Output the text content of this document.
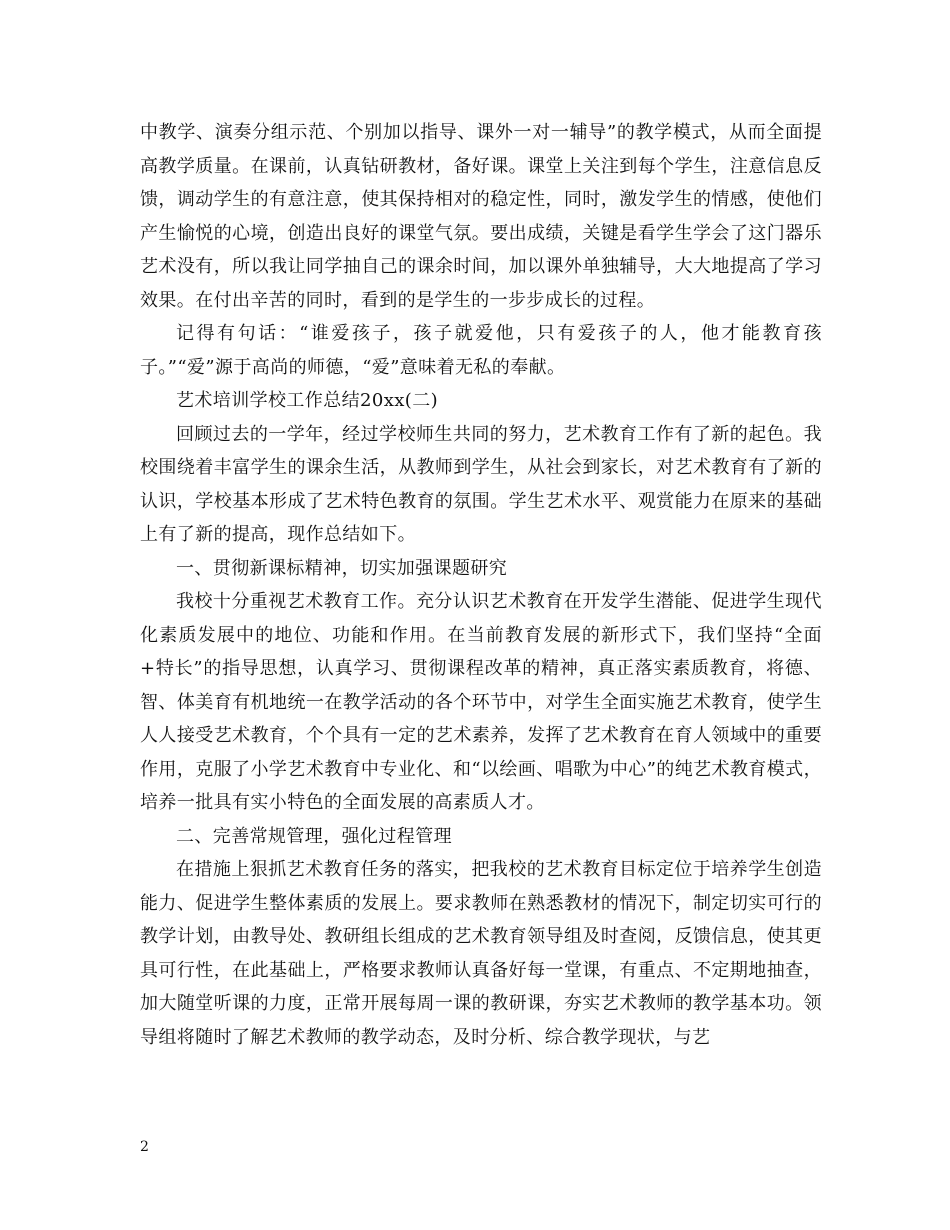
中教学、演奏分组示范、个别加以指导、课外一对一辅导”的教学模式，从而全面提高教学质量。在课前，认真钻研教材，备好课。课堂上关注到每个学生，注意信息反馈，调动学生的有意注意，使其保持相对的稳定性，同时，激发学生的情感，使他们产生愉悦的心境，创造出良好的课堂气氛。要出成绩，关键是看学生学会了这门器乐艺术没有，所以我让同学抽自己的课余时间，加以课外单独辅导，大大地提高了学习效果。在付出辛苦的同时，看到的是学生的一步步成长的过程。

记得有句话：“谁爱孩子，孩子就爱他，只有爱孩子的人，他才能教育孩子。”“爱”源于高尚的师德，“爱”意味着无私的奉献。

艺术培训学校工作总结20xx(二)

回顾过去的一学年，经过学校师生共同的努力，艺术教育工作有了新的起色。我校围绕着丰富学生的课余生活，从教师到学生，从社会到家长，对艺术教育有了新的认识，学校基本形成了艺术特色教育的氛围。学生艺术水平、观赏能力在原来的基础上有了新的提高，现作总结如下。

一、贯彻新课标精神，切实加强课题研究

我校十分重视艺术教育工作。充分认识艺术教育在开发学生潜能、促进学生现代化素质发展中的地位、功能和作用。在当前教育发展的新形式下，我们坚持“全面+特长”的指导思想，认真学习、贯彻课程改革的精神，真正落实素质教育，将德、智、体美育有机地统一在教学活动的各个环节中，对学生全面实施艺术教育，使学生人人接受艺术教育，个个具有一定的艺术素养，发挥了艺术教育在育人领域中的重要作用，克服了小学艺术教育中专业化、和“以绘画、唱歌为中心”的纯艺术教育模式，培养一批具有实小特色的全面发展的高素质人才。

二、完善常规管理，强化过程管理

在措施上狠抓艺术教育任务的落实，把我校的艺术教育目标定位于培养学生创造能力、促进学生整体素质的发展上。要求教师在熟悉教材的情况下，制定切实可行的教学计划，由教导处、教研组长组成的艺术教育领导组及时查阅，反馈信息，使其更具可行性，在此基础上，严格要求教师认真备好每一堂课，有重点、不定期地抽查，加大随堂听课的力度，正常开展每周一课的教研课，夯实艺术教师的教学基本功。领导组将随时了解艺术教师的教学动态，及时分析、综合教学现状，与艺

2
